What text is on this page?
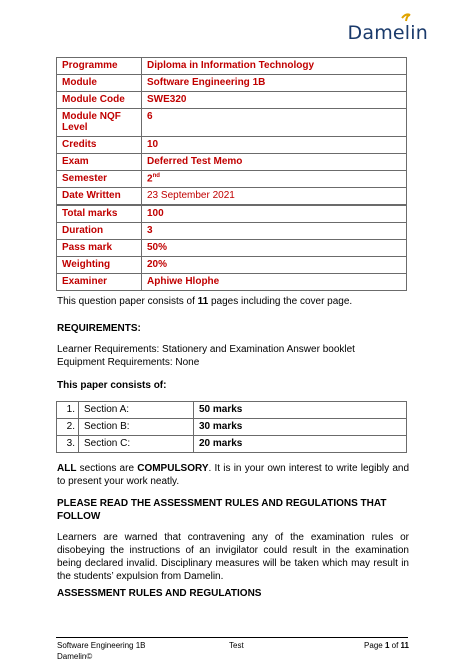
Damelin
Programme	Diploma in Information Technology
Module	Software Engineering 1B
Module Code	SWE320
Module NQF Level	6
Credits	10
Exam	Deferred Test Memo
Semester	2nd
Date Written	23 September 2021
Total marks	100
Duration	3
Pass mark	50%
Weighting	20%
Examiner	Aphiwe Hlophe
This question paper consists of 11 pages including the cover page.
REQUIREMENTS:
Learner Requirements: Stationery and Examination Answer booklet
Equipment Requirements: None
This paper consists of:
1.	Section A:	50 marks
2.	Section B:	30 marks
3.	Section C:	20 marks
ALL sections are COMPULSORY. It is in your own interest to write legibly and to present your work neatly.
PLEASE READ THE ASSESSMENT RULES AND REGULATIONS THAT FOLLOW
Learners are warned that contravening any of the examination rules or disobeying the instructions of an invigilator could result in the examination being declared invalid. Disciplinary measures will be taken which may result in the students’ expulsion from Damelin.
ASSESSMENT RULES AND REGULATIONS
Software Engineering 1B	Test	Page 1 of 11
Damelin©
